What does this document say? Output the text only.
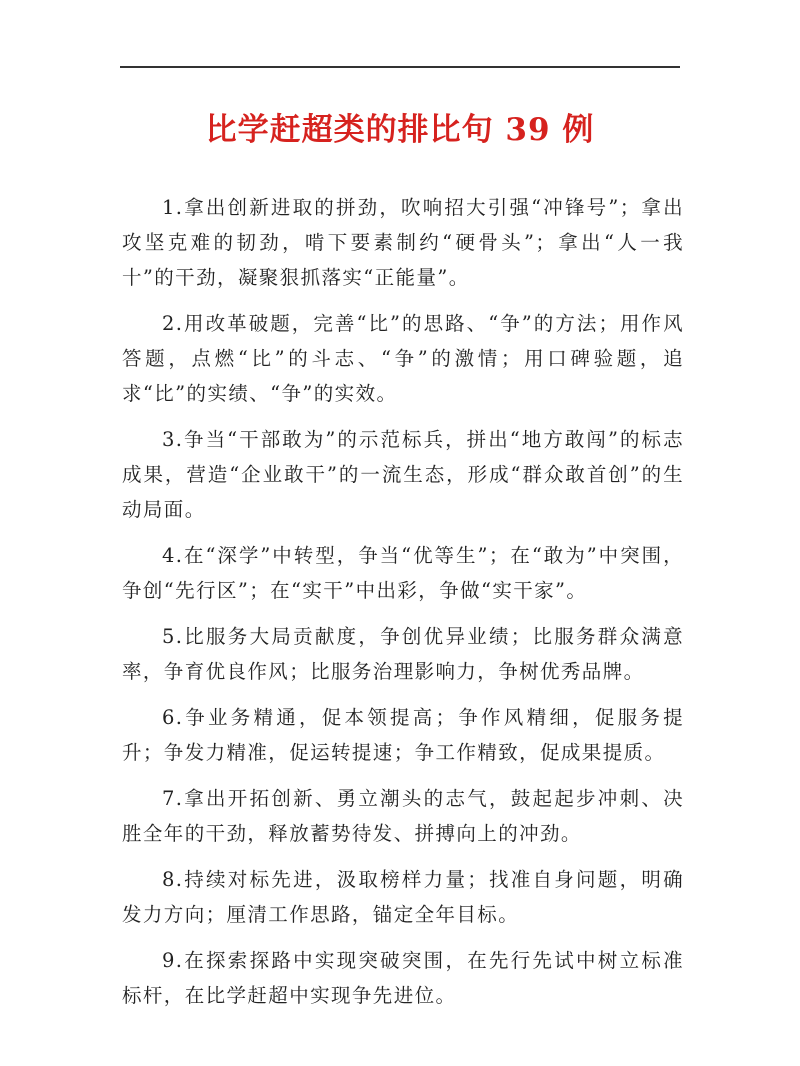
比学赶超类的排比句 39 例

1.拿出创新进取的拼劲，吹响招大引强“冲锋号”；拿出攻坚克难的韧劲，啃下要素制约“硬骨头”；拿出“人一我十”的干劲，凝聚狠抓落实“正能量”。

2.用改革破题，完善“比”的思路、“争”的方法；用作风答题，点燃“比”的斗志、“争”的激情；用口碑验题，追求“比”的实绩、“争”的实效。

3.争当“干部敢为”的示范标兵，拼出“地方敢闯”的标志成果，营造“企业敢干”的一流生态，形成“群众敢首创”的生动局面。

4.在“深学”中转型，争当“优等生”；在“敢为”中突围，争创“先行区”；在“实干”中出彩，争做“实干家”。

5.比服务大局贡献度，争创优异业绩；比服务群众满意率，争育优良作风；比服务治理影响力，争树优秀品牌。

6.争业务精通，促本领提高；争作风精细，促服务提升；争发力精准，促运转提速；争工作精致，促成果提质。

7.拿出开拓创新、勇立潮头的志气，鼓起起步冲刺、决胜全年的干劲，释放蓄势待发、拼搏向上的冲劲。

8.持续对标先进，汲取榜样力量；找准自身问题，明确发力方向；厘清工作思路，锚定全年目标。

9.在探索探路中实现突破突围，在先行先试中树立标准标杆，在比学赶超中实现争先进位。
